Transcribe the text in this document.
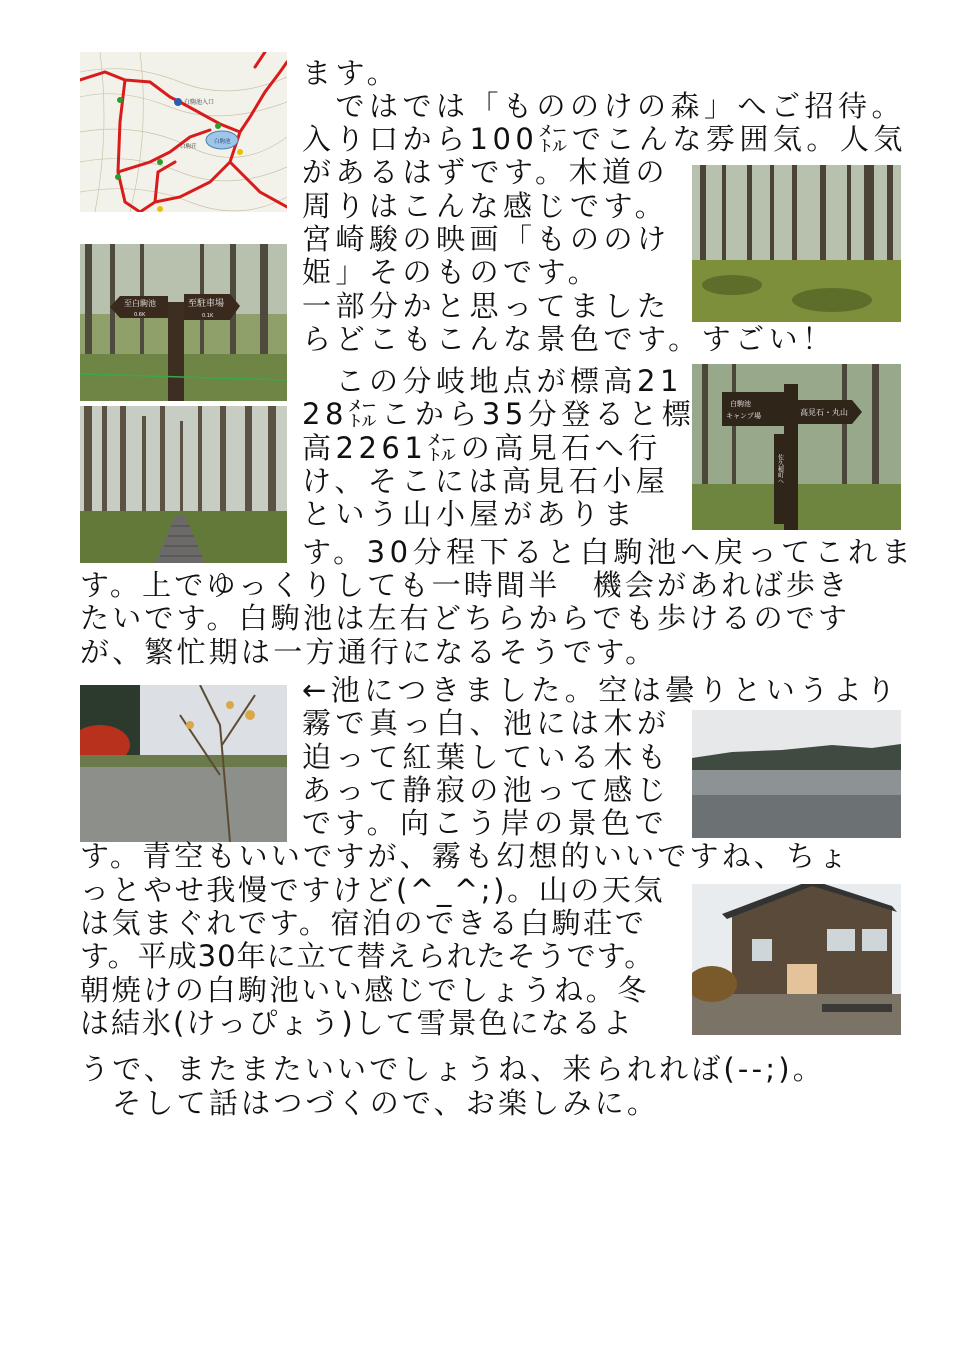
白駒池入口
白駒池
白駒荘
至白駒池
0.6K
至駐車場
0.1K
白駒池
キャンプ場	高見石・丸山
佐久穂町へ
ます。
　ではでは「もののけの森」へご招待。
入り口から100㍍でこんな雰囲気。人気
があるはずです。木道の
周りはこんな感じです。
宮崎駿の映画「もののけ
姫」そのものです。
一部分かと思ってました
らどこもこんな景色です。すごい！
　この分岐地点が標高21
28㍍こから35分登ると標
高2261㍍の高見石へ行
け、そこには高見石小屋
という山小屋がありま
す。30分程下ると白駒池へ戻ってこれま
す。上でゆっくりしても一時間半　機会があれば歩き
たいです。白駒池は左右どちらからでも歩けるのです
が、繁忙期は一方通行になるそうです。
←池につきました。空は曇りというより
霧で真っ白、池には木が
迫って紅葉している木も
あって静寂の池って感じ
です。向こう岸の景色で
す。青空もいいですが、霧も幻想的いいですね、ちょ
っとやせ我慢ですけど(^_^;)。山の天気
は気まぐれです。宿泊のできる白駒荘で
す。平成30年に立て替えられたそうです。
朝焼けの白駒池いい感じでしょうね。冬
は結氷(けっぴょう)して雪景色になるよ
うで、またまたいいでしょうね、来られれば(--;)。
　そして話はつづくので、お楽しみに。
